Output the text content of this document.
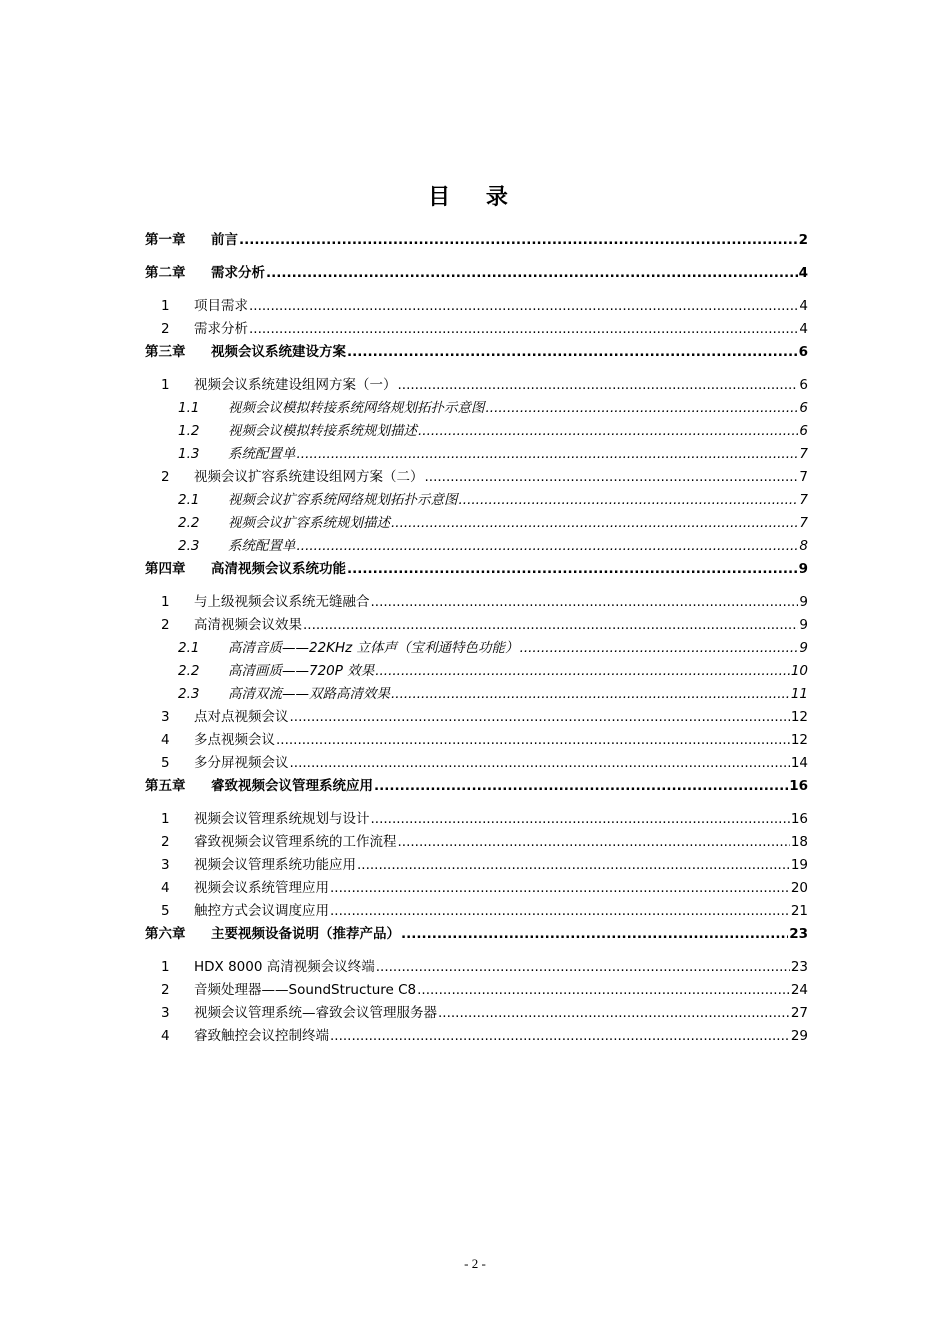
目 录
第一章 前言 .....	2
第二章 需求分析 .....	4
1 项目需求 .....	4
2 需求分析 .....	4
第三章 视频会议系统建设方案 .....	6
1 视频会议系统建设组网方案（一） .....	6
1.1 视频会议模拟转接系统网络规划拓扑示意图 .....	6
1.2 视频会议模拟转接系统规划描述 .....	6
1.3 系统配置单 .....	7
2 视频会议扩容系统建设组网方案（二） .....	7
2.1 视频会议扩容系统网络规划拓扑示意图 .....	7
2.2 视频会议扩容系统规划描述 .....	7
2.3 系统配置单 .....	8
第四章 高清视频会议系统功能 .....	9
1 与上级视频会议系统无缝融合 .....	9
2 高清视频会议效果 .....	9
2.1 高清音质——22KHz 立体声（宝利通特色功能） .....	9
2.2 高清画质——720P 效果 .....	10
2.3 高清双流——双路高清效果 .....	11
3 点对点视频会议 .....	12
4 多点视频会议 .....	12
5 多分屏视频会议 .....	14
第五章 睿致视频会议管理系统应用 .....	16
1 视频会议管理系统规划与设计 .....	16
2 睿致视频会议管理系统的工作流程 .....	18
3 视频会议管理系统功能应用 .....	19
4 视频会议系统管理应用 .....	20
5 触控方式会议调度应用 .....	21
第六章 主要视频设备说明（推荐产品） .....	23
1 HDX 8000 高清视频会议终端 .....	23
2 音频处理器——SoundStructure C8 .....	24
3 视频会议管理系统—睿致会议管理服务器 .....	27
4 睿致触控会议控制终端 .....	29
- 2 -
